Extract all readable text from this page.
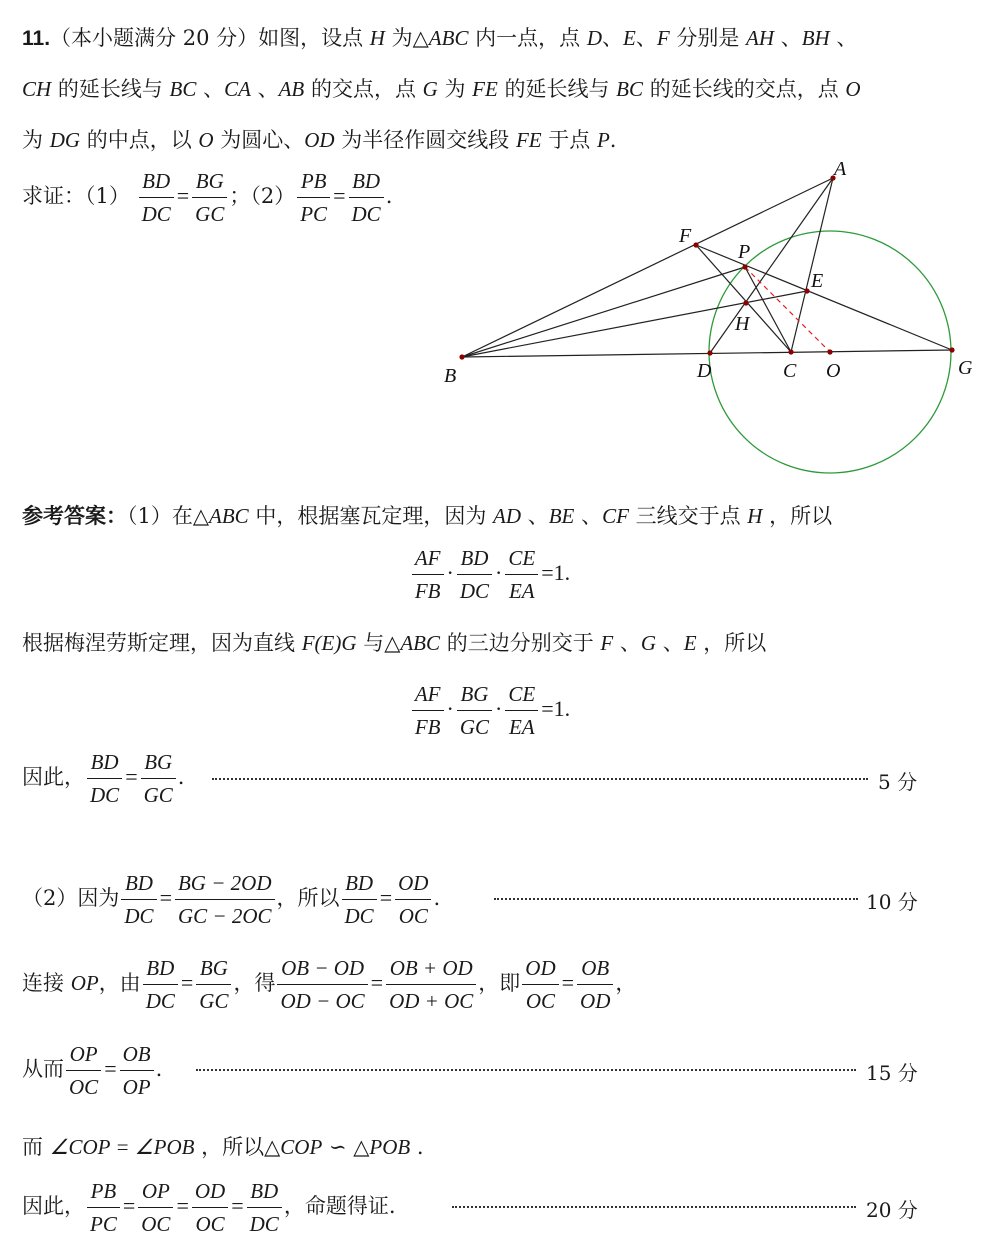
11.（本小题满分 20 分）如图，设点 H 为△ABC 内一点，点 D、E、F 分别是 AH 、BH 、
CH 的延长线与 BC 、CA 、AB 的交点，点 G 为 FE 的延长线与 BC 的延长线的交点，点 O
为 DG 的中点，以 O 为圆心、OD 为半径作圆交线段 FE 于点 P.
求证：$(1) \frac{BD}{DC} = \frac{BG}{GC}$ ；$(2) \frac{PB}{PC} = \frac{BD}{DC}$ .
A
B	C
D
E
F
G
H
O
P
参考答案：（1）在△ABC 中，根据塞瓦定理，因为 AD 、BE 、CF 三线交于点 H ，所以
$\frac{AF}{FB} \cdot \frac{BD}{DC} \cdot \frac{CE}{EA} =1$.
根据梅涅劳斯定理，因为直线 F(E)G 与△ABC 的三边分别交于 F 、G 、E ，所以
$\frac{AF}{FB} \cdot \frac{BG}{GC} \cdot \frac{CE}{EA} =1$.
因此， $\frac{BD}{DC} = \frac{BG}{GC}$ .	5 分
（2）因为 $\frac{BD}{DC} = \frac{BG - 2OD}{GC - 2OC}$ ，所以 $\frac{BD}{DC} = \frac{OD}{OC}$ .	10 分
连接 OP，由 $\frac{BD}{DC} = \frac{BG}{GC}$ ，得 $\frac{OB - OD}{OD - OC} = \frac{OB + OD}{OD + OC}$ ，即 $\frac{OD}{OC} = \frac{OB}{OD}$ ，
从而 $\frac{OP}{OC} = \frac{OB}{OP}$ .	15 分
而 ∠COP = ∠POB ，所以△COP ∽ △POB .
因此， $\frac{PB}{PC} = \frac{OP}{OC} = \frac{OD}{OC} = \frac{BD}{DC}$ ，命题得证.	20 分
